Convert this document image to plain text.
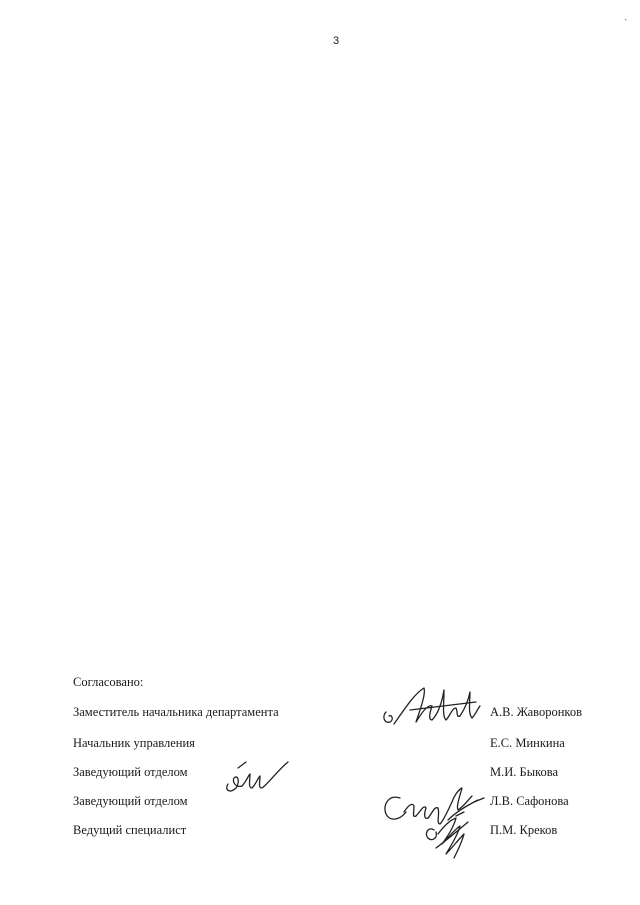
3
ˎ
Согласовано:
Заместитель начальника департамента	А.В. Жаворонков
Начальник управления	Е.С. Минкина
Заведующий отделом	М.И. Быкова
Заведующий отделом	Л.В. Сафонова
Ведущий специалист	П.М. Креков
